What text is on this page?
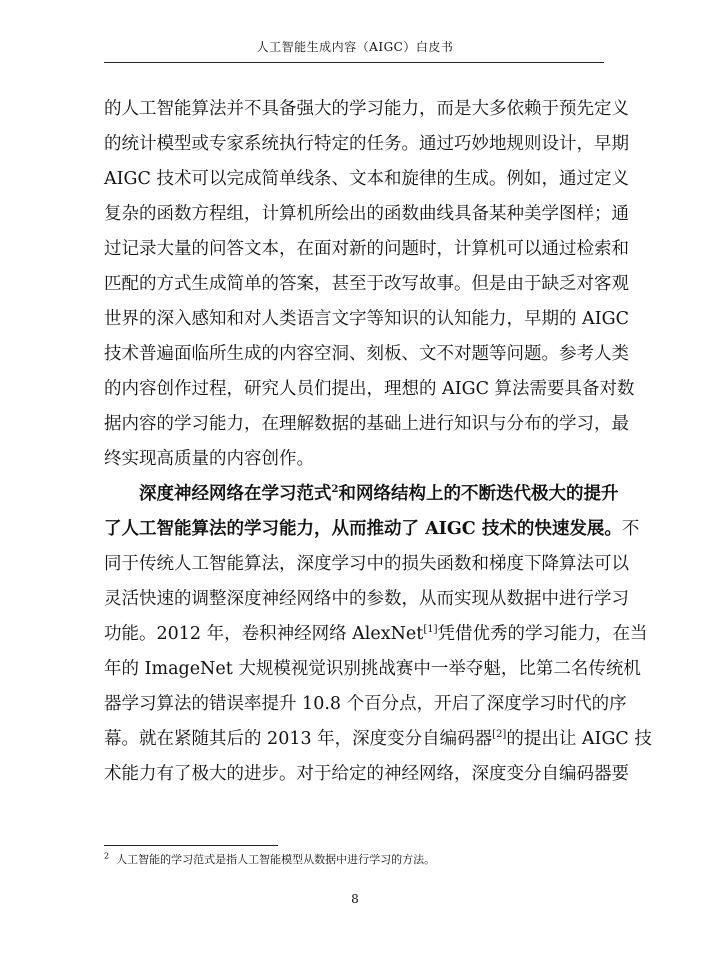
人工智能生成内容（AIGC）白皮书
的人工智能算法并不具备强大的学习能力，而是大多依赖于预先定义
的统计模型或专家系统执行特定的任务。通过巧妙地规则设计，早期
AIGC 技术可以完成简单线条、文本和旋律的生成。例如，通过定义
复杂的函数方程组，计算机所绘出的函数曲线具备某种美学图样；通
过记录大量的问答文本，在面对新的问题时，计算机可以通过检索和
匹配的方式生成简单的答案，甚至于改写故事。但是由于缺乏对客观
世界的深入感知和对人类语言文字等知识的认知能力，早期的 AIGC
技术普遍面临所生成的内容空洞、刻板、文不对题等问题。参考人类
的内容创作过程，研究人员们提出，理想的 AIGC 算法需要具备对数
据内容的学习能力，在理解数据的基础上进行知识与分布的学习，最
终实现高质量的内容创作。
　　深度神经网络在学习范式$^2$和网络结构上的不断迭代极大的提升
了人工智能算法的学习能力，从而推动了 AIGC 技术的快速发展。不
同于传统人工智能算法，深度学习中的损失函数和梯度下降算法可以
灵活快速的调整深度神经网络中的参数，从而实现从数据中进行学习
功能。2012 年，卷积神经网络 AlexNet[1]凭借优秀的学习能力，在当
年的 ImageNet 大规模视觉识别挑战赛中一举夺魁，比第二名传统机
器学习算法的错误率提升 10.8 个百分点，开启了深度学习时代的序
幕。就在紧随其后的 2013 年，深度变分自编码器[2]的提出让 AIGC 技
术能力有了极大的进步。对于给定的神经网络，深度变分自编码器要
$^2$ 人工智能的学习范式是指人工智能模型从数据中进行学习的方法。
8
